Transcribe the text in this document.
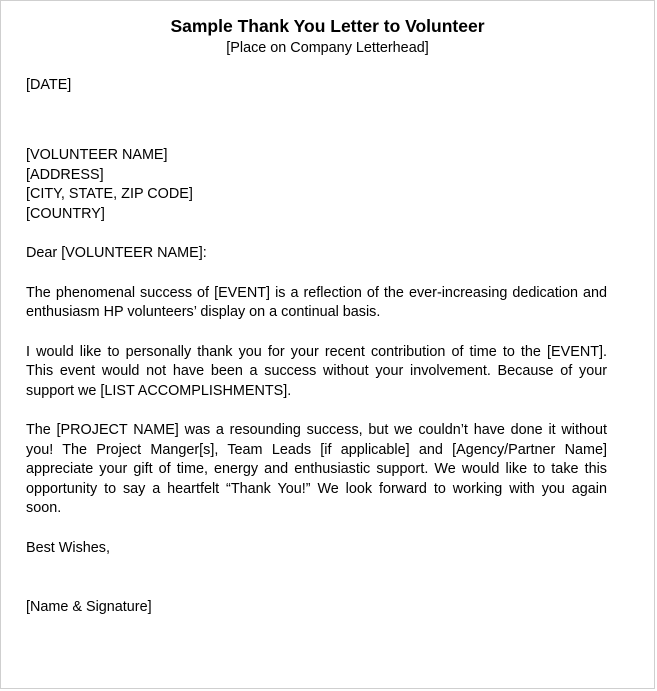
Sample Thank You Letter to Volunteer

[Place on Company Letterhead]

[DATE]

[VOLUNTEER NAME]

[ADDRESS]

[CITY, STATE, ZIP CODE]

[COUNTRY]

Dear [VOLUNTEER NAME]:

The phenomenal success of [EVENT] is a reflection of the ever-increasing dedication and
enthusiasm HP volunteers’ display on a continual basis.
I would like to personally thank you for your recent contribution of time to the [EVENT].
This event would not have been a success without your involvement. Because of your
support we [LIST ACCOMPLISHMENTS].
The [PROJECT NAME] was a resounding success, but we couldn’t have done it without
you! The Project Manger[s], Team Leads [if applicable] and [Agency/Partner Name]
appreciate your gift of time, energy and enthusiastic support. We would like to take this
opportunity to say a heartfelt “Thank You!” We look forward to working with you again
soon.

Best Wishes,

[Name & Signature]
